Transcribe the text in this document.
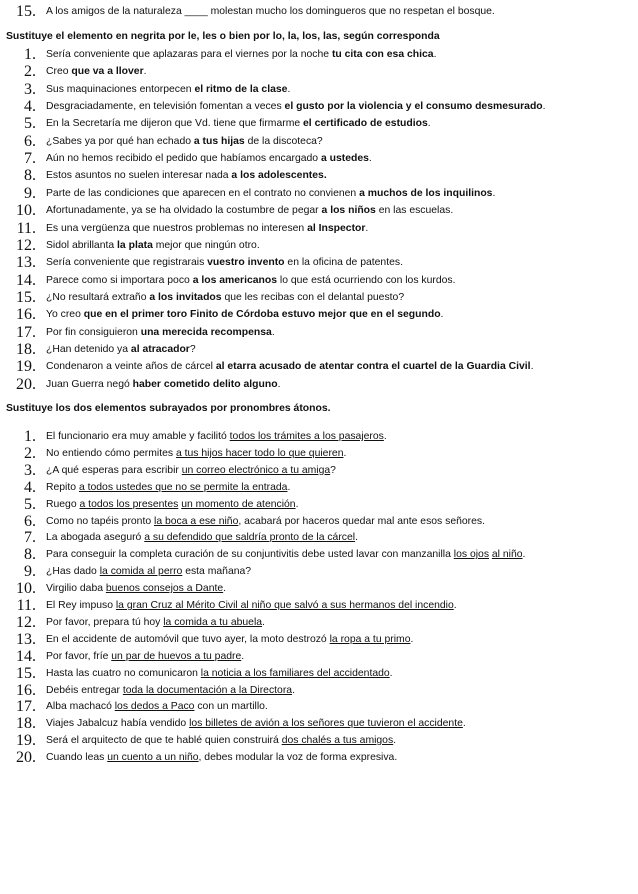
15. A los amigos de la naturaleza ____ molestan mucho los domingueros que no respetan el bosque.
Sustituye el elemento en negrita por le, les o bien por lo, la, los, las, según corresponda
1. Sería conveniente que aplazaras para el viernes por la noche tu cita con esa chica.
2. Creo que va a llover.
3. Sus maquinaciones entorpecen el ritmo de la clase.
4. Desgraciadamente, en televisión fomentan a veces el gusto por la violencia y el consumo desmesurado.
5. En la Secretaría me dijeron que Vd. tiene que firmarme el certificado de estudios.
6. ¿Sabes ya por qué han echado a tus hijas de la discoteca?
7. Aún no hemos recibido el pedido que habíamos encargado a ustedes.
8. Estos asuntos no suelen interesar nada a los adolescentes.
9. Parte de las condiciones que aparecen en el contrato no convienen a muchos de los inquilinos.
10. Afortunadamente, ya se ha olvidado la costumbre de pegar a los niños en las escuelas.
11. Es una vergüenza que nuestros problemas no interesen al Inspector.
12. Sidol abrillanta la plata mejor que ningún otro.
13. Sería conveniente que registrarais vuestro invento en la oficina de patentes.
14. Parece como si importara poco a los americanos lo que está ocurriendo con los kurdos.
15. ¿No resultará extraño a los invitados que les recibas con el delantal puesto?
16. Yo creo que en el primer toro Finito de Córdoba estuvo mejor que en el segundo.
17. Por fin consiguieron una merecida recompensa.
18. ¿Han detenido ya al atracador?
19. Condenaron a veinte años de cárcel al etarra acusado de atentar contra el cuartel de la Guardia Civil.
20. Juan Guerra negó haber cometido delito alguno.
Sustituye los dos elementos subrayados por pronombres átonos.
1. El funcionario era muy amable y facilitó todos los trámites a los pasajeros.
2. No entiendo cómo permites a tus hijos hacer todo lo que quieren.
3. ¿A qué esperas para escribir un correo electrónico a tu amiga?
4. Repito a todos ustedes que no se permite la entrada.
5. Ruego a todos los presentes un momento de atención.
6. Como no tapéis pronto la boca a ese niño, acabará por haceros quedar mal ante esos señores.
7. La abogada aseguró a su defendido que saldría pronto de la cárcel.
8. Para conseguir la completa curación de su conjuntivitis debe usted lavar con manzanilla los ojos al niño.
9. ¿Has dado la comida al perro esta mañana?
10. Virgilio daba buenos consejos a Dante.
11. El Rey impuso la gran Cruz al Mérito Civil al niño que salvó a sus hermanos del incendio.
12. Por favor, prepara tú hoy la comida a tu abuela.
13. En el accidente de automóvil que tuvo ayer, la moto destrozó la ropa a tu primo.
14. Por favor, fríe un par de huevos a tu padre.
15. Hasta las cuatro no comunicaron la noticia a los familiares del accidentado.
16. Debéis entregar toda la documentación a la Directora.
17. Alba machacó los dedos a Paco con un martillo.
18. Viajes Jabalcuz había vendido los billetes de avión a los señores que tuvieron el accidente.
19. Será el arquitecto de que te hablé quien construirá dos chalés a tus amigos.
20. Cuando leas un cuento a un niño, debes modular la voz de forma expresiva.
